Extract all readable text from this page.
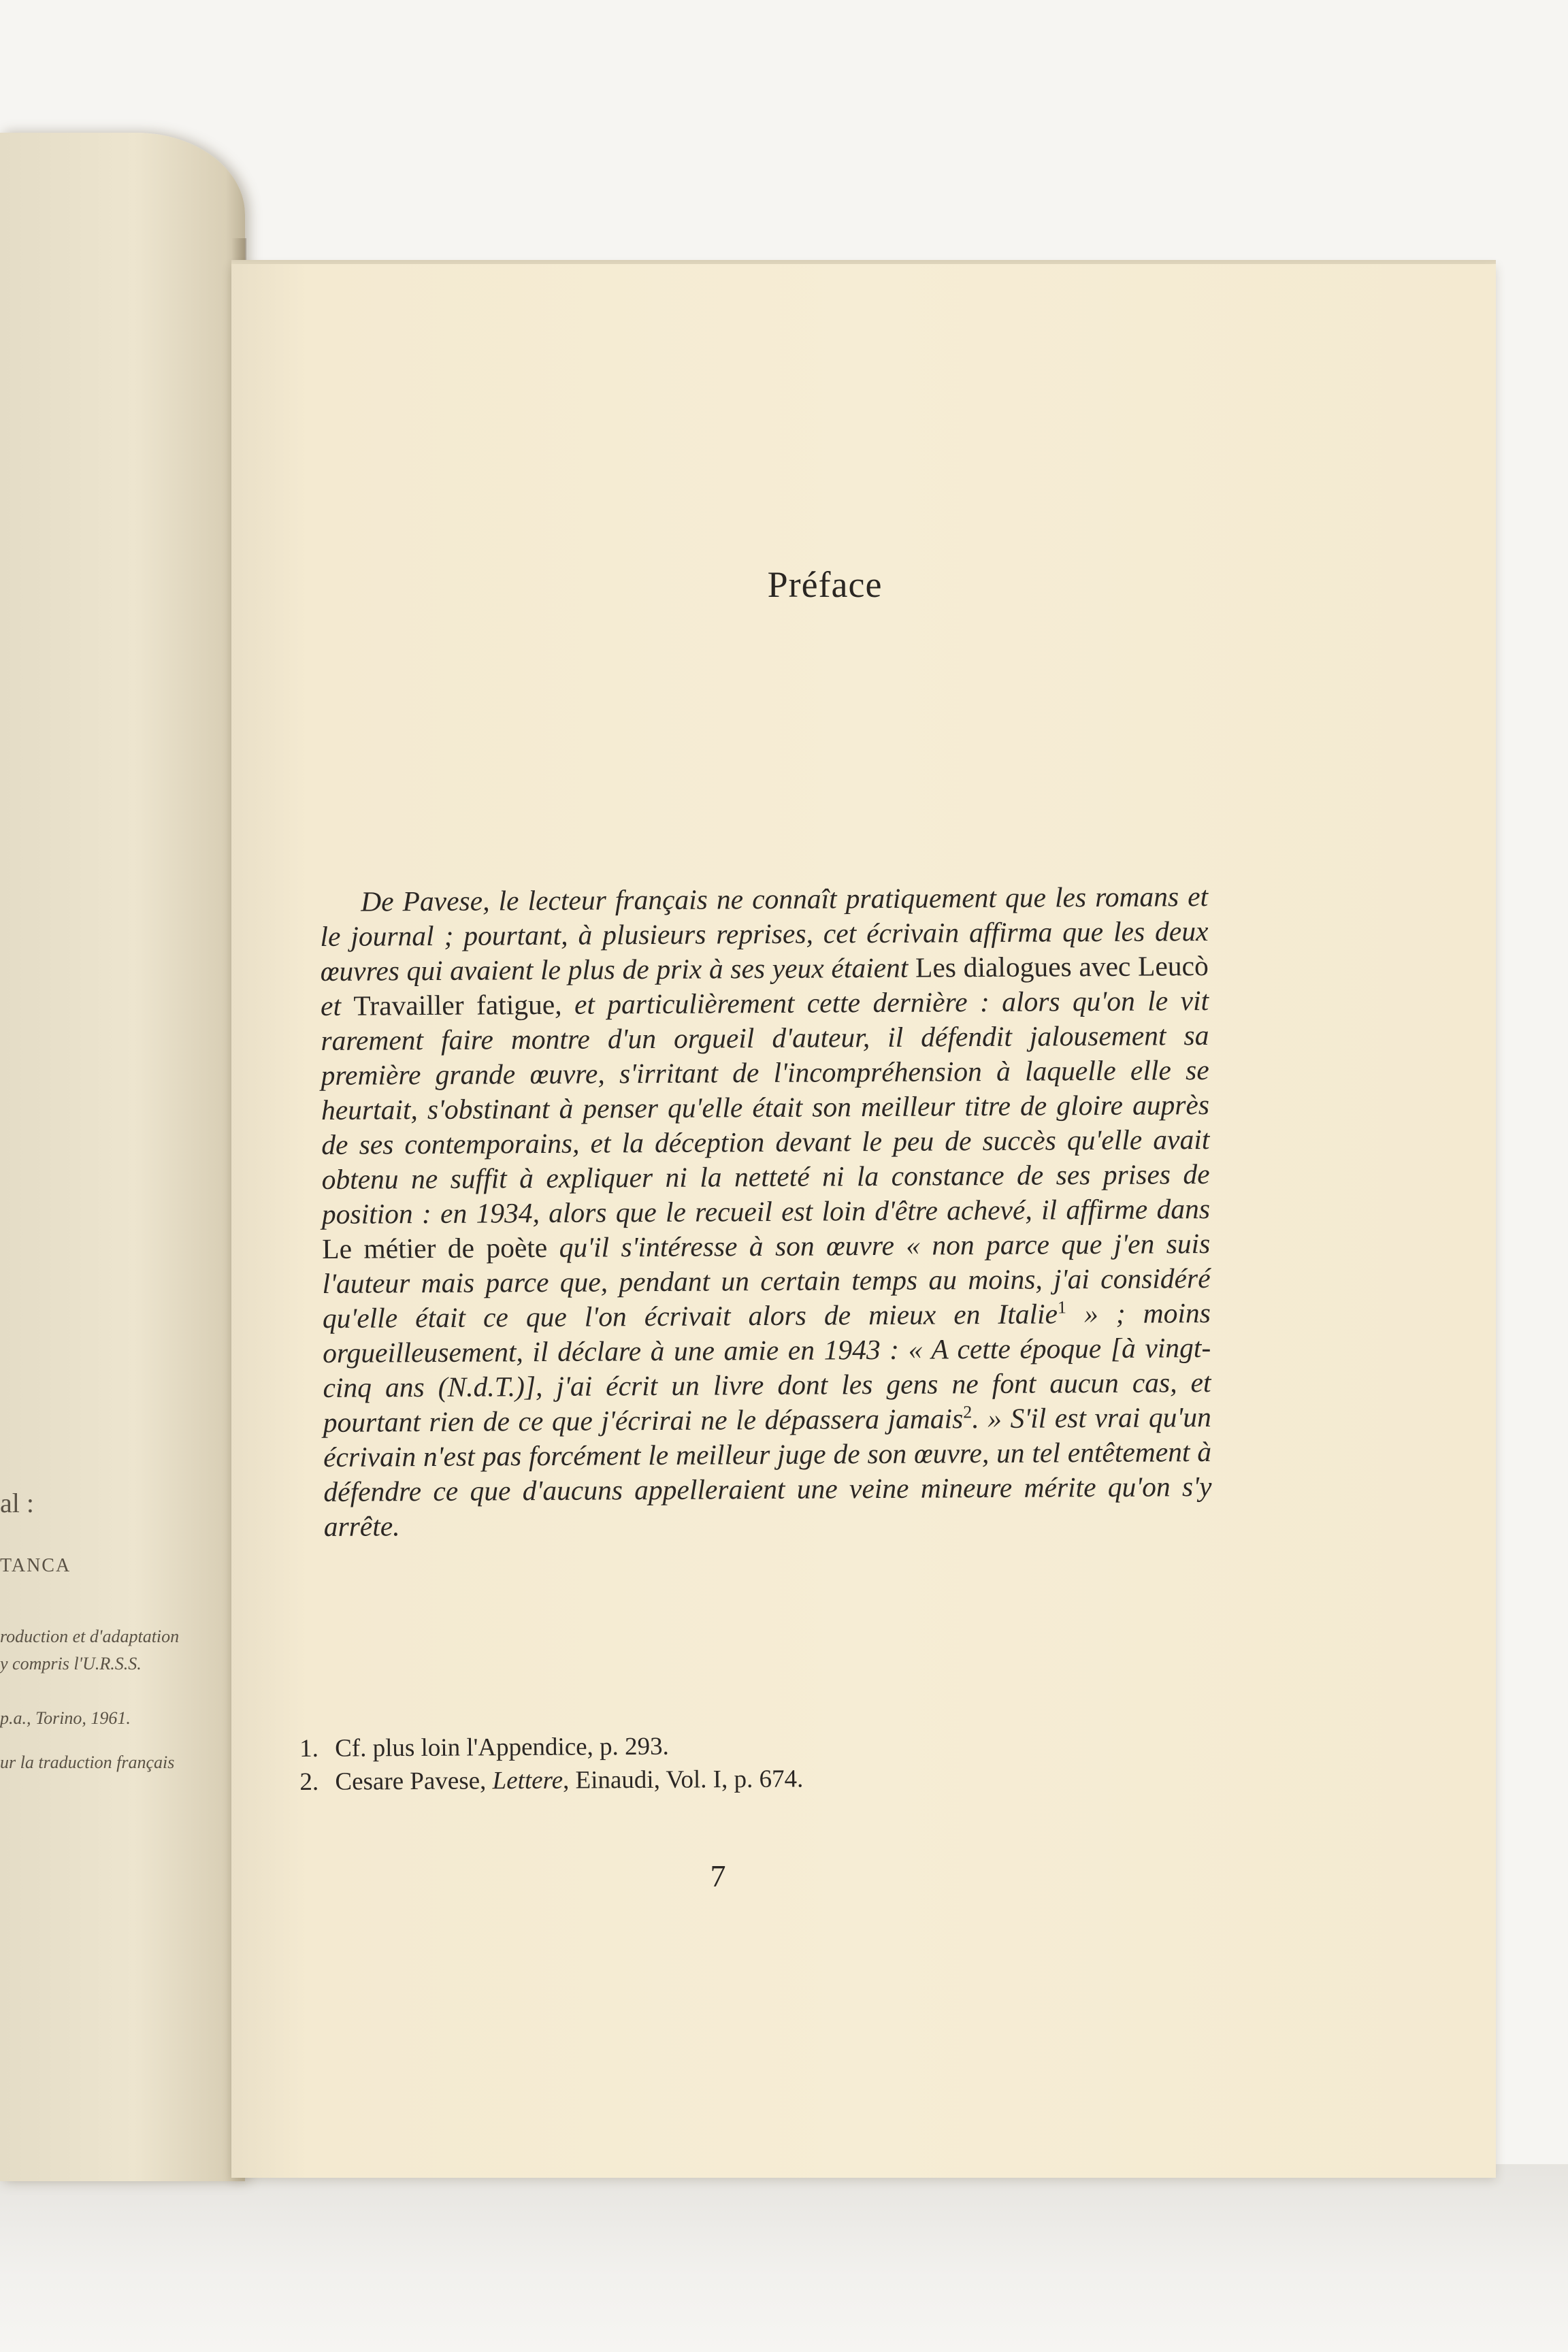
al :
TANCA
roduction et d'adaptation
y compris l'U.R.S.S.
p.a., Torino, 1961.
ur la traduction français
Préface

De Pavese, le lecteur français ne connaît pratiquement que les romans et le journal ; pourtant, à plusieurs reprises, cet écrivain affirma que les deux œuvres qui avaient le plus de prix à ses yeux étaient Les dialogues avec Leucò et Travailler fatigue, et particulièrement cette dernière : alors qu'on le vit rarement faire montre d'un orgueil d'auteur, il défendit jalousement sa première grande œuvre, s'irritant de l'incompréhension à laquelle elle se heurtait, s'obstinant à penser qu'elle était son meilleur titre de gloire auprès de ses contemporains, et la déception devant le peu de succès qu'elle avait obtenu ne suffit à expliquer ni la netteté ni la constance de ses prises de position : en 1934, alors que le recueil est loin d'être achevé, il affirme dans Le métier de poète qu'il s'intéresse à son œuvre « non parce que j'en suis l'auteur mais parce que, pendant un certain temps au moins, j'ai considéré qu'elle était ce que l'on écrivait alors de mieux en Italie$^1$ » ; moins orgueilleusement, il déclare à une amie en 1943 : « A cette époque [à vingt-cinq ans (N.d.T.)], j'ai écrit un livre dont les gens ne font aucun cas, et pourtant rien de ce que j'écrirai ne le dépassera jamais$^2$. » S'il est vrai qu'un écrivain n'est pas forcément le meilleur juge de son œuvre, un tel entêtement à défendre ce que d'aucuns appelleraient une veine mineure mérite qu'on s'y arrête.

1. Cf. plus loin l'Appendice, p. 293.
2. Cesare Pavese, Lettere, Einaudi, Vol. I, p. 674.
7
